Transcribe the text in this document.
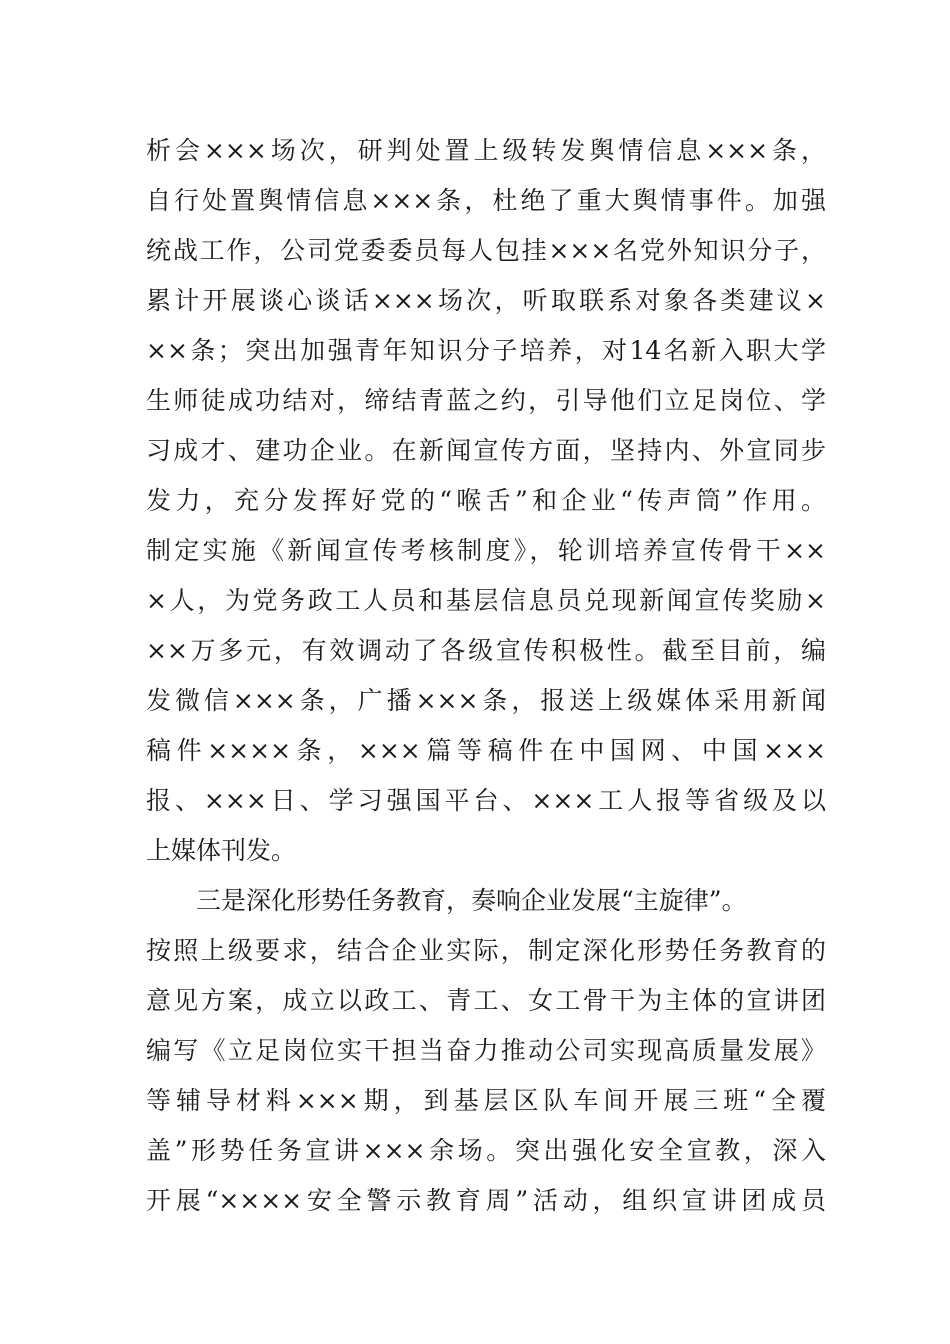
析会×××场次，研判处置上级转发舆情信息×××条，
自行处置舆情信息×××条，杜绝了重大舆情事件。加强
统战工作，公司党委委员每人包挂×××名党外知识分子，
累计开展谈心谈话×××场次，听取联系对象各类建议×
××条；突出加强青年知识分子培养，对14名新入职大学
生师徒成功结对，缔结青蓝之约，引导他们立足岗位、学
习成才、建功企业。在新闻宣传方面，坚持内、外宣同步
发力，充分发挥好党的“喉舌”和企业“传声筒”作用。
制定实施《新闻宣传考核制度》，轮训培养宣传骨干××
×人，为党务政工人员和基层信息员兑现新闻宣传奖励×
××万多元，有效调动了各级宣传积极性。截至目前，编
发微信×××条，广播×××条，报送上级媒体采用新闻
稿件××××条，×××篇等稿件在中国网、中国×××
报、×××日、学习强国平台、×××工人报等省级及以
上媒体刊发。
三是深化形势任务教育，奏响企业发展“主旋律”。
按照上级要求，结合企业实际，制定深化形势任务教育的
意见方案，成立以政工、青工、女工骨干为主体的宣讲团
编写《立足岗位实干担当奋力推动公司实现高质量发展》
等辅导材料×××期，到基层区队车间开展三班“全覆
盖”形势任务宣讲×××余场。突出强化安全宣教，深入
开展“××××安全警示教育周”活动，组织宣讲团成员
